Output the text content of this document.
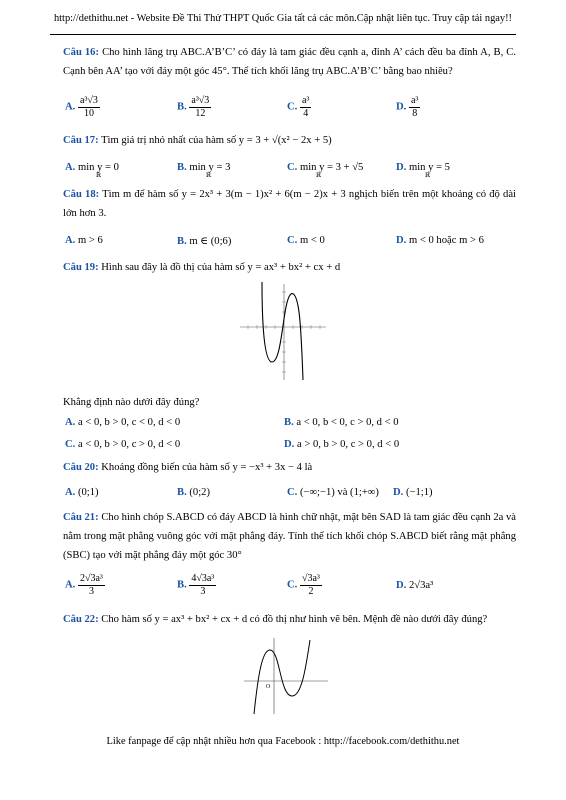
http://dethithu.net - Website Đề Thi Thử THPT Quốc Gia tất cả các môn.Cập nhật liên tục. Truy cập tải ngay!!
Câu 16: Cho hình lăng trụ ABC.A’B’C’ có đáy là tam giác đều cạnh a, đỉnh A’ cách đều ba đỉnh A, B, C. Cạnh bên AA’ tạo với đáy một góc 45°. Thể tích khối lăng trụ ABC.A’B’C’ bằng bao nhiêu?
A. $\frac{\text{a³√3}}{10}$	B. $\frac{\text{a³√3}}{12}$	C. $\frac{\text{a³}}{4}$	D. $\frac{\text{a³}}{8}$
Câu 17: Tìm giá trị nhỏ nhất của hàm số y = 3 + √(x² − 2x + 5)
A. min y = 0	B. min y = 3	C. min y = 3 + √5	D. min y = 5
ℝ	ℝ	ℝ	ℝ
Câu 18: Tìm m để hàm số y = 2x³ + 3(m − 1)x² + 6(m − 2)x + 3 nghịch biến trên một khoảng có độ dài lớn hơn 3.
A. m > 6	B. m ∈ (0;6)	C. m < 0	D. m < 0 hoặc m > 6
Câu 19: Hình sau đây là đồ thị của hàm số y = ax³ + bx² + cx + d
Khẳng định nào dưới đây đúng?
A. a < 0, b > 0, c < 0, d < 0	B. a < 0, b < 0, c > 0, d < 0
C. a < 0, b > 0, c > 0, d < 0	D. a > 0, b > 0, c > 0, d < 0
Câu 20: Khoảng đồng biến của hàm số y = −x³ + 3x − 4 là
A. (0;1)	B. (0;2)	C. (−∞;−1) và (1;+∞) D. (−1;1)
Câu 21: Cho hình chóp S.ABCD có đáy ABCD là hình chữ nhật, mặt bên SAD là tam giác đều cạnh 2a và nằm trong mặt phẳng vuông góc với mặt phẳng đáy. Tính thể tích khối chóp S.ABCD biết rằng mặt phẳng (SBC) tạo với mặt phẳng đáy một góc 30°
A. $\frac{\text{2√3a³}}{3}$	B. $\frac{\text{4√3a³}}{3}$	C. $\frac{\text{√3a³}}{2}$	D. 2√3a³
Câu 22: Cho hàm số y = ax³ + bx² + cx + d có đồ thị như hình vẽ bên. Mệnh đề nào dưới đây đúng?
O
Like fanpage để cập nhật nhiều hơn qua Facebook : http://facebook.com/dethithu.net
